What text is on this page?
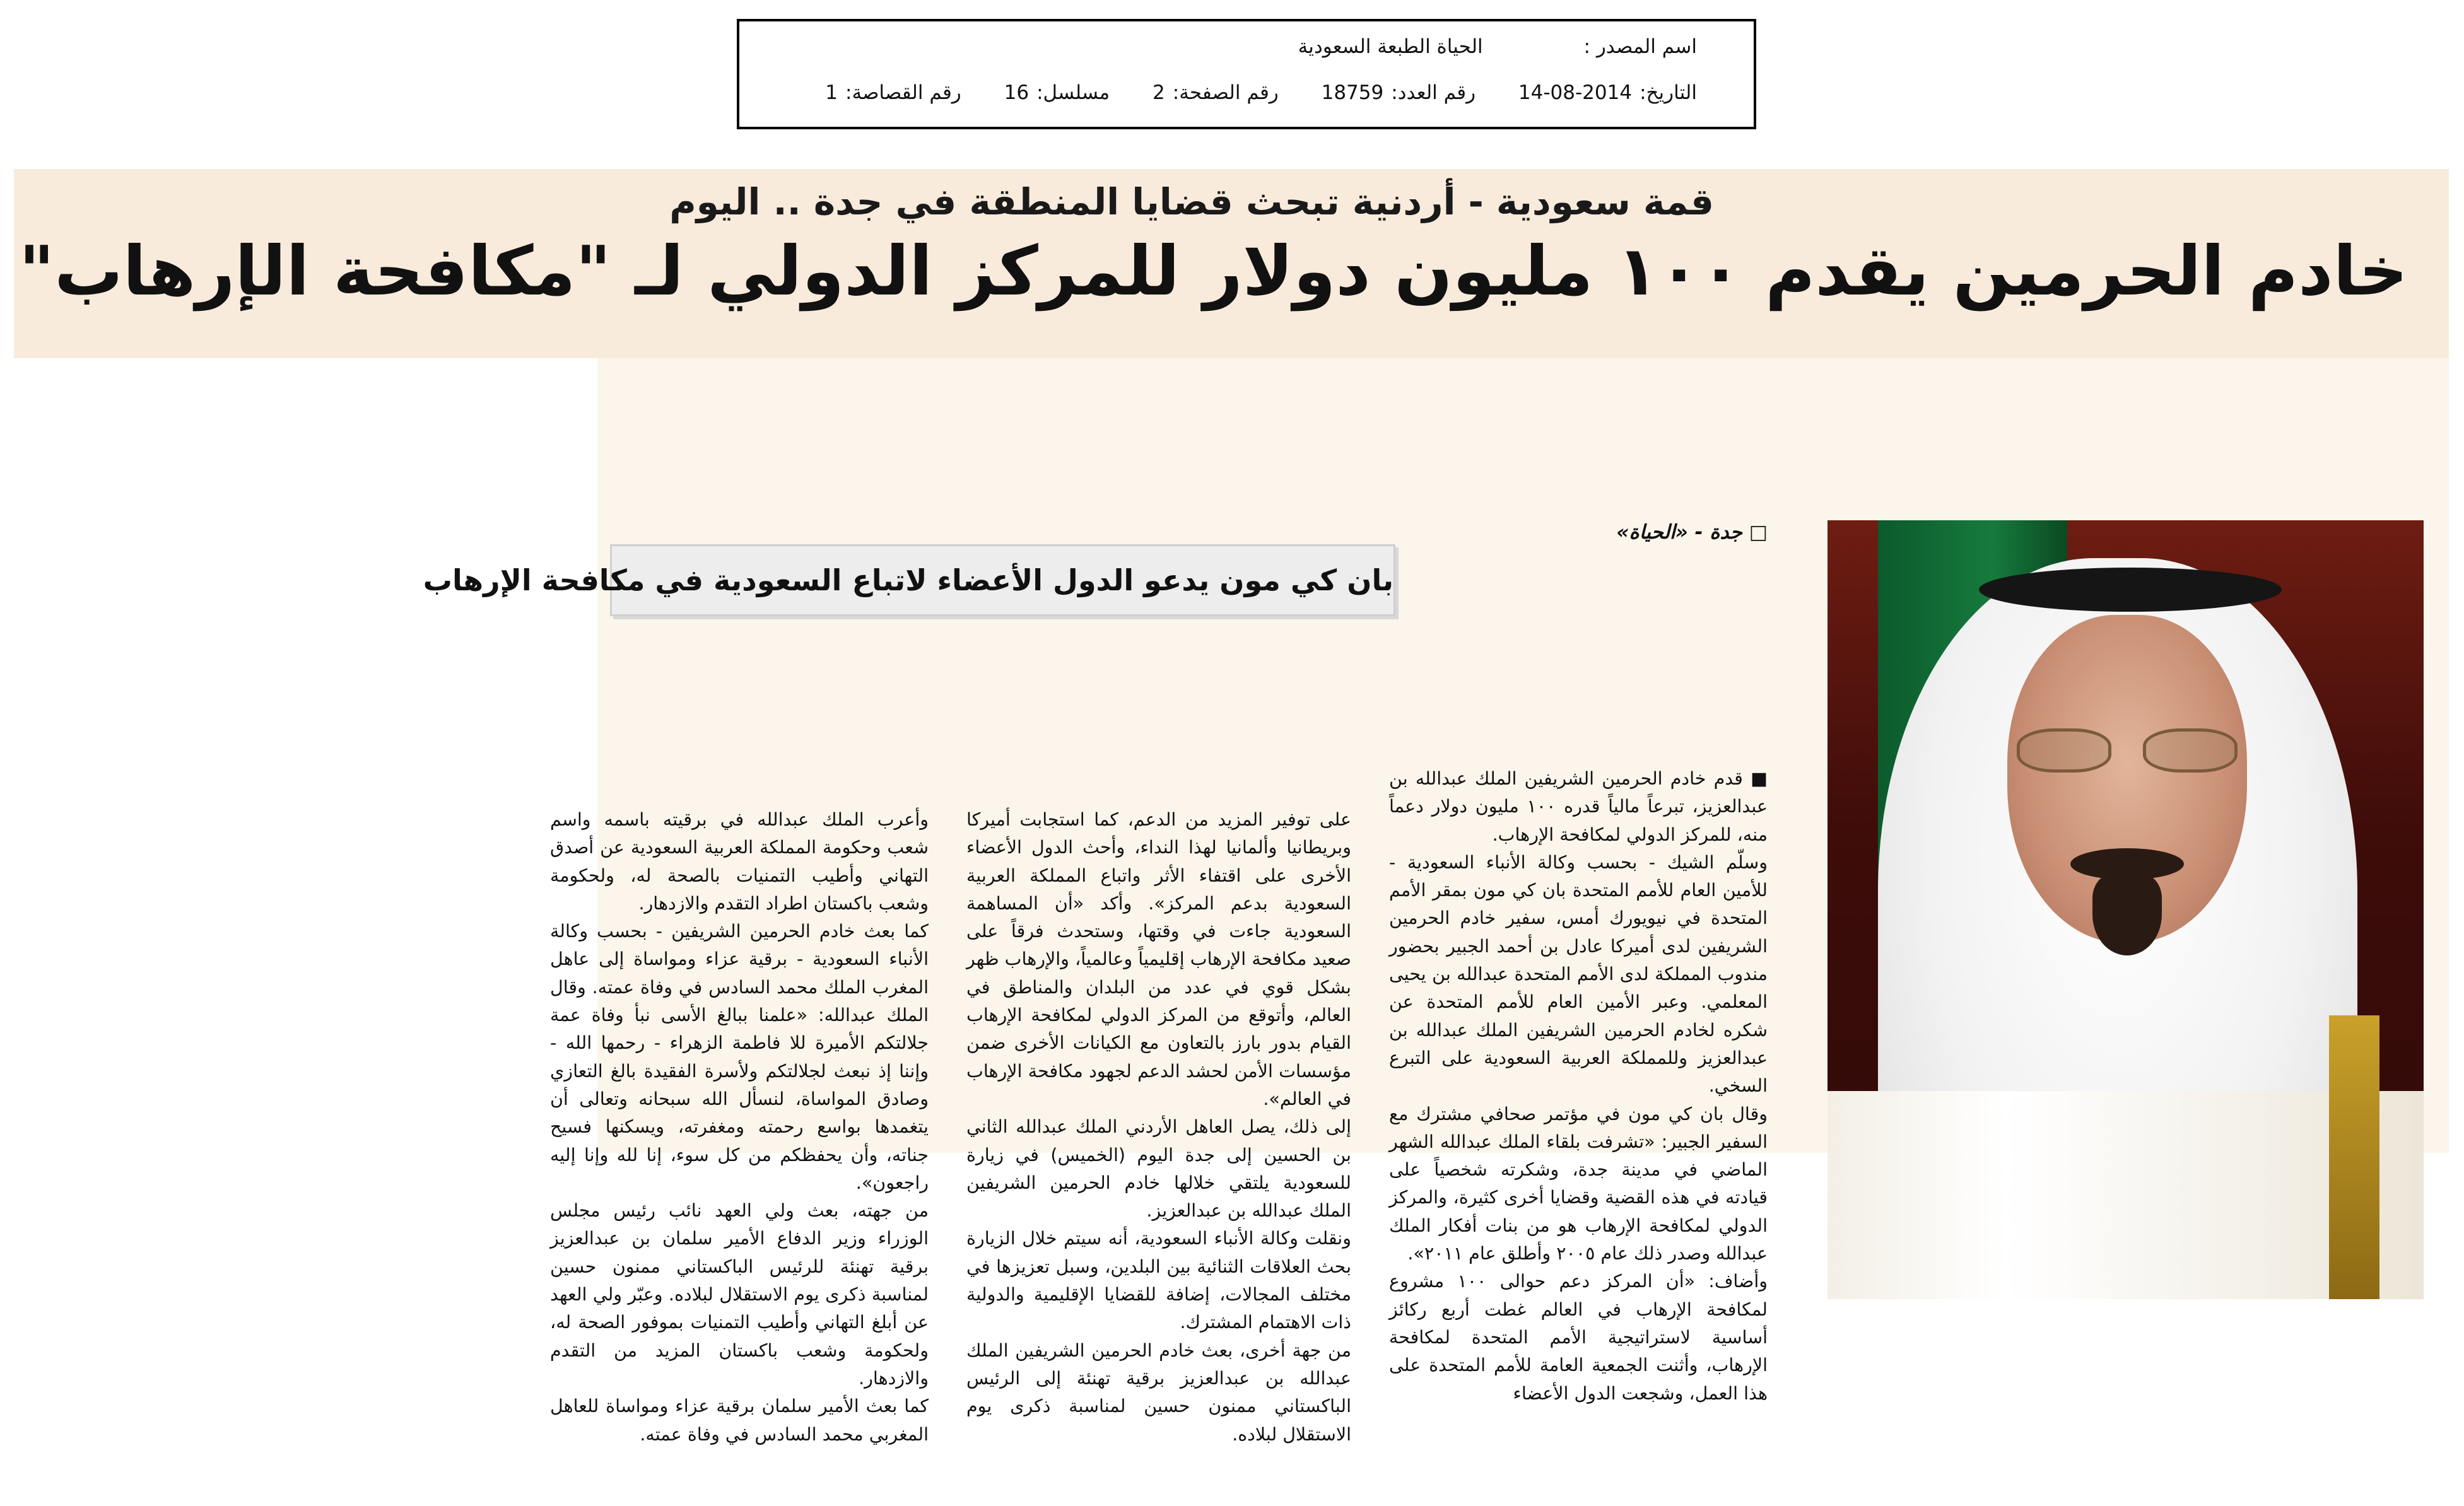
اسم المصدر : الحياة الطبعة السعودية
التاريخ:14-08-2014 رقم العدد:18759 رقم الصفحة:2 مسلسل:16 رقم القصاصة:1
قمة سعودية - أردنية تبحث قضايا المنطقة في جدة .. اليوم
خادم الحرمين يقدم ١٠٠ مليون دولار للمركز الدولي لـ "مكافحة الإرهاب"
□ جدة - «الحياة»
بان كي مون يدعو الدول الأعضاء لاتباع السعودية في مكافحة الإرهاب

■ قدم خادم الحرمين الشريفين الملك عبدالله بن عبدالعزيز، تبرعاً مالياً قدره ١٠٠ مليون دولار دعماً منه، للمركز الدولي لمكافحة الإرهاب.

وسلّم الشيك - بحسب وكالة الأنباء السعودية - للأمين العام للأمم المتحدة بان كي مون بمقر الأمم المتحدة في نيويورك أمس، سفير خادم الحرمين الشريفين لدى أميركا عادل بن أحمد الجبير بحضور مندوب المملكة لدى الأمم المتحدة عبدالله بن يحيى المعلمي. وعبر الأمين العام للأمم المتحدة عن شكره لخادم الحرمين الشريفين الملك عبدالله بن عبدالعزيز وللمملكة العربية السعودية على التبرع السخي.

وقال بان كي مون في مؤتمر صحافي مشترك مع السفير الجبير: «تشرفت بلقاء الملك عبدالله الشهر الماضي في مدينة جدة، وشكرته شخصياً على قيادته في هذه القضية وقضايا أخرى كثيرة، والمركز الدولي لمكافحة الإرهاب هو من بنات أفكار الملك عبدالله وصدر ذلك عام ٢٠٠٥ وأطلق عام ٢٠١١».

وأضاف: «أن المركز دعم حوالى ١٠٠ مشروع لمكافحة الإرهاب في العالم غطت أربع ركائز أساسية لاستراتيجية الأمم المتحدة لمكافحة الإرهاب، وأثنت الجمعية العامة للأمم المتحدة على هذا العمل، وشجعت الدول الأعضاء

على توفير المزيد من الدعم، كما استجابت أميركا وبريطانيا وألمانيا لهذا النداء، وأحث الدول الأعضاء الأخرى على اقتفاء الأثر واتباع المملكة العربية السعودية بدعم المركز». وأكد «أن المساهمة السعودية جاءت في وقتها، وستحدث فرقاً على صعيد مكافحة الإرهاب إقليمياً وعالمياً، والإرهاب ظهر بشكل قوي في عدد من البلدان والمناطق في العالم، وأتوقع من المركز الدولي لمكافحة الإرهاب القيام بدور بارز بالتعاون مع الكيانات الأخرى ضمن مؤسسات الأمن لحشد الدعم لجهود مكافحة الإرهاب في العالم».

إلى ذلك، يصل العاهل الأردني الملك عبدالله الثاني بن الحسين إلى جدة اليوم (الخميس) في زيارة للسعودية يلتقي خلالها خادم الحرمين الشريفين الملك عبدالله بن عبدالعزيز.

ونقلت وكالة الأنباء السعودية، أنه سيتم خلال الزيارة بحث العلاقات الثنائية بين البلدين، وسبل تعزيزها في مختلف المجالات، إضافة للقضايا الإقليمية والدولية ذات الاهتمام المشترك.

من جهة أخرى، بعث خادم الحرمين الشريفين الملك عبدالله بن عبدالعزيز برقية تهنئة إلى الرئيس الباكستاني ممنون حسين لمناسبة ذكرى يوم الاستقلال لبلاده.

وأعرب الملك عبدالله في برقيته باسمه واسم شعب وحكومة المملكة العربية السعودية عن أصدق التهاني وأطيب التمنيات بالصحة له، ولحكومة وشعب باكستان اطراد التقدم والازدهار.

كما بعث خادم الحرمين الشريفين - بحسب وكالة الأنباء السعودية - برقية عزاء ومواساة إلى عاهل المغرب الملك محمد السادس في وفاة عمته. وقال الملك عبدالله: «علمنا ببالغ الأسى نبأ وفاة عمة جلالتكم الأميرة للا فاطمة الزهراء - رحمها الله - وإننا إذ نبعث لجلالتكم ولأسرة الفقيدة بالغ التعازي وصادق المواساة، لنسأل الله سبحانه وتعالى أن يتغمدها بواسع رحمته ومغفرته، ويسكنها فسيح جناته، وأن يحفظكم من كل سوء، إنا لله وإنا إليه راجعون».

من جهته، بعث ولي العهد نائب رئيس مجلس الوزراء وزير الدفاع الأمير سلمان بن عبدالعزيز برقية تهنئة للرئيس الباكستاني ممنون حسين لمناسبة ذكرى يوم الاستقلال لبلاده. وعبّر ولي العهد عن أبلغ التهاني وأطيب التمنيات بموفور الصحة له، ولحكومة وشعب باكستان المزيد من التقدم والازدهار.

كما بعث الأمير سلمان برقية عزاء ومواساة للعاهل المغربي محمد السادس في وفاة عمته.
